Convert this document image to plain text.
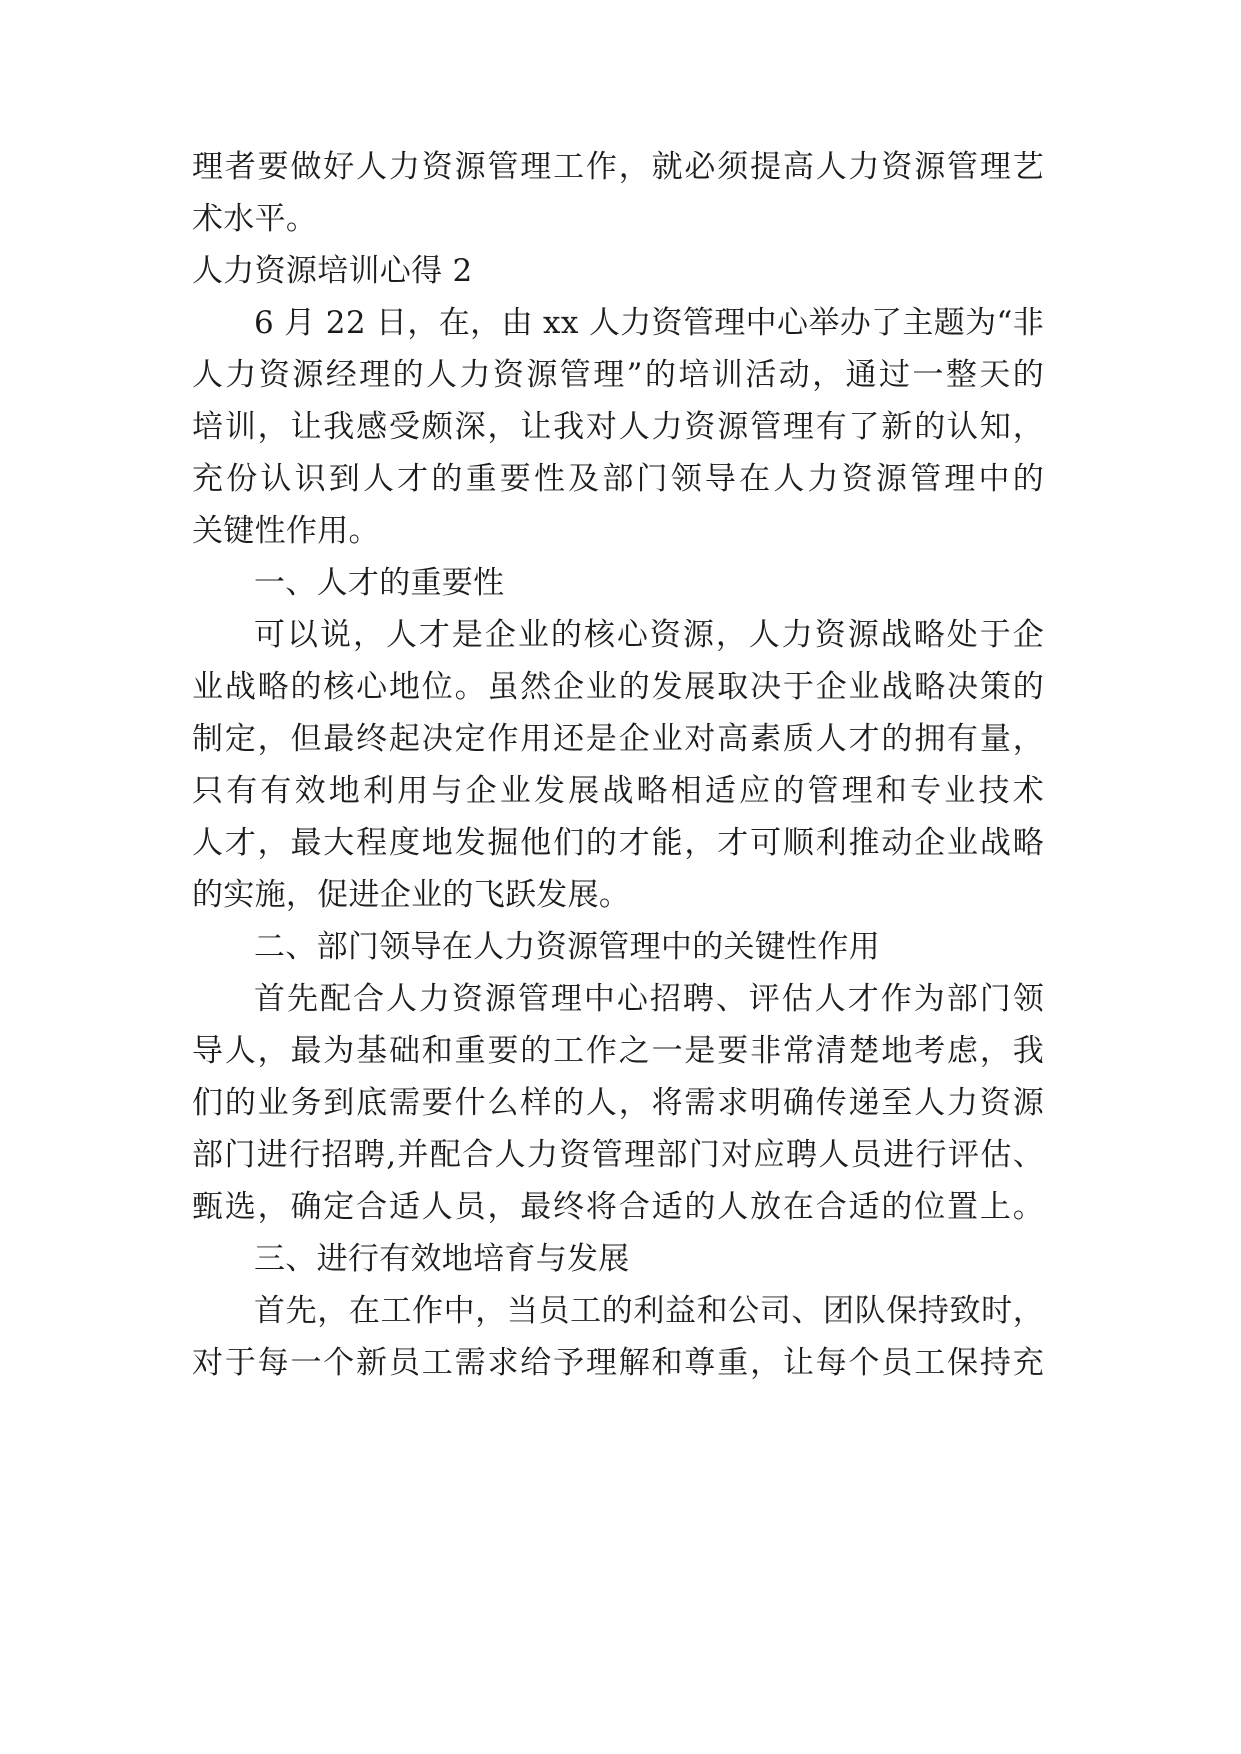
理者要做好人力资源管理工作，就必须提高人力资源管理艺
术水平。
人力资源培训心得 2
6 月 22 日，在，由 xx 人力资管理中心举办了主题为“非
人力资源经理的人力资源管理”的培训活动，通过一整天的
培训，让我感受颇深，让我对人力资源管理有了新的认知，
充份认识到人才的重要性及部门领导在人力资源管理中的
关键性作用。
一、人才的重要性
可以说，人才是企业的核心资源，人力资源战略处于企
业战略的核心地位。虽然企业的发展取决于企业战略决策的
制定，但最终起决定作用还是企业对高素质人才的拥有量，
只有有效地利用与企业发展战略相适应的管理和专业技术
人才，最大程度地发掘他们的才能，才可顺利推动企业战略
的实施，促进企业的飞跃发展。
二、部门领导在人力资源管理中的关键性作用
首先配合人力资源管理中心招聘、评估人才作为部门领
导人，最为基础和重要的工作之一是要非常清楚地考虑，我
们的业务到底需要什么样的人，将需求明确传递至人力资源
部门进行招聘,并配合人力资管理部门对应聘人员进行评估、
甄选，确定合适人员，最终将合适的人放在合适的位置上。
三、进行有效地培育与发展
首先，在工作中，当员工的利益和公司、团队保持致时，
对于每一个新员工需求给予理解和尊重，让每个员工保持充
